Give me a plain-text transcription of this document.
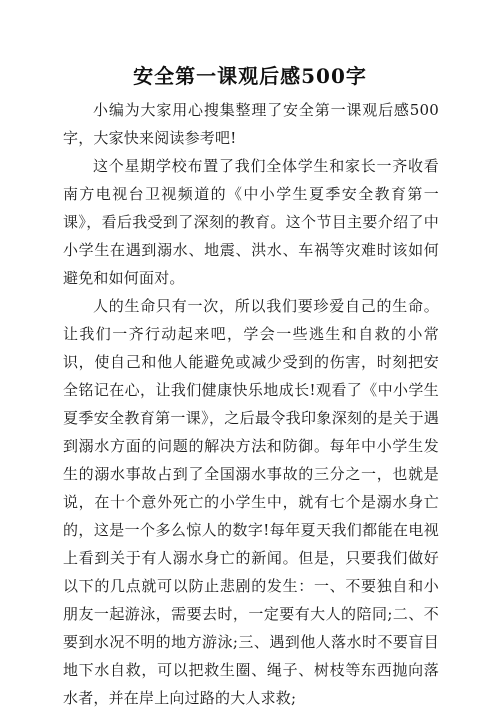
安全第一课观后感500字

小编为大家用心搜集整理了安全第一课观后感500字，大家快来阅读参考吧!

这个星期学校布置了我们全体学生和家长一齐收看南方电视台卫视频道的《中小学生夏季安全教育第一课》，看后我受到了深刻的教育。这个节目主要介绍了中小学生在遇到溺水、地震、洪水、车祸等灾难时该如何避免和如何面对。

人的生命只有一次，所以我们要珍爱自己的生命。让我们一齐行动起来吧，学会一些逃生和自救的小常识，使自己和他人能避免或减少受到的伤害，时刻把安全铭记在心，让我们健康快乐地成长!观看了《中小学生夏季安全教育第一课》，之后最令我印象深刻的是关于遇到溺水方面的问题的解决方法和防御。每年中小学生发生的溺水事故占到了全国溺水事故的三分之一，也就是说，在十个意外死亡的小学生中，就有七个是溺水身亡的，这是一个多么惊人的数字!每年夏天我们都能在电视上看到关于有人溺水身亡的新闻。但是，只要我们做好以下的几点就可以防止悲剧的发生：一、不要独自和小朋友一起游泳，需要去时，一定要有大人的陪同;二、不要到水况不明的地方游泳;三、遇到他人落水时不要盲目地下水自救，可以把救生圈、绳子、树枝等东西抛向落水者，并在岸上向过路的大人求救;
